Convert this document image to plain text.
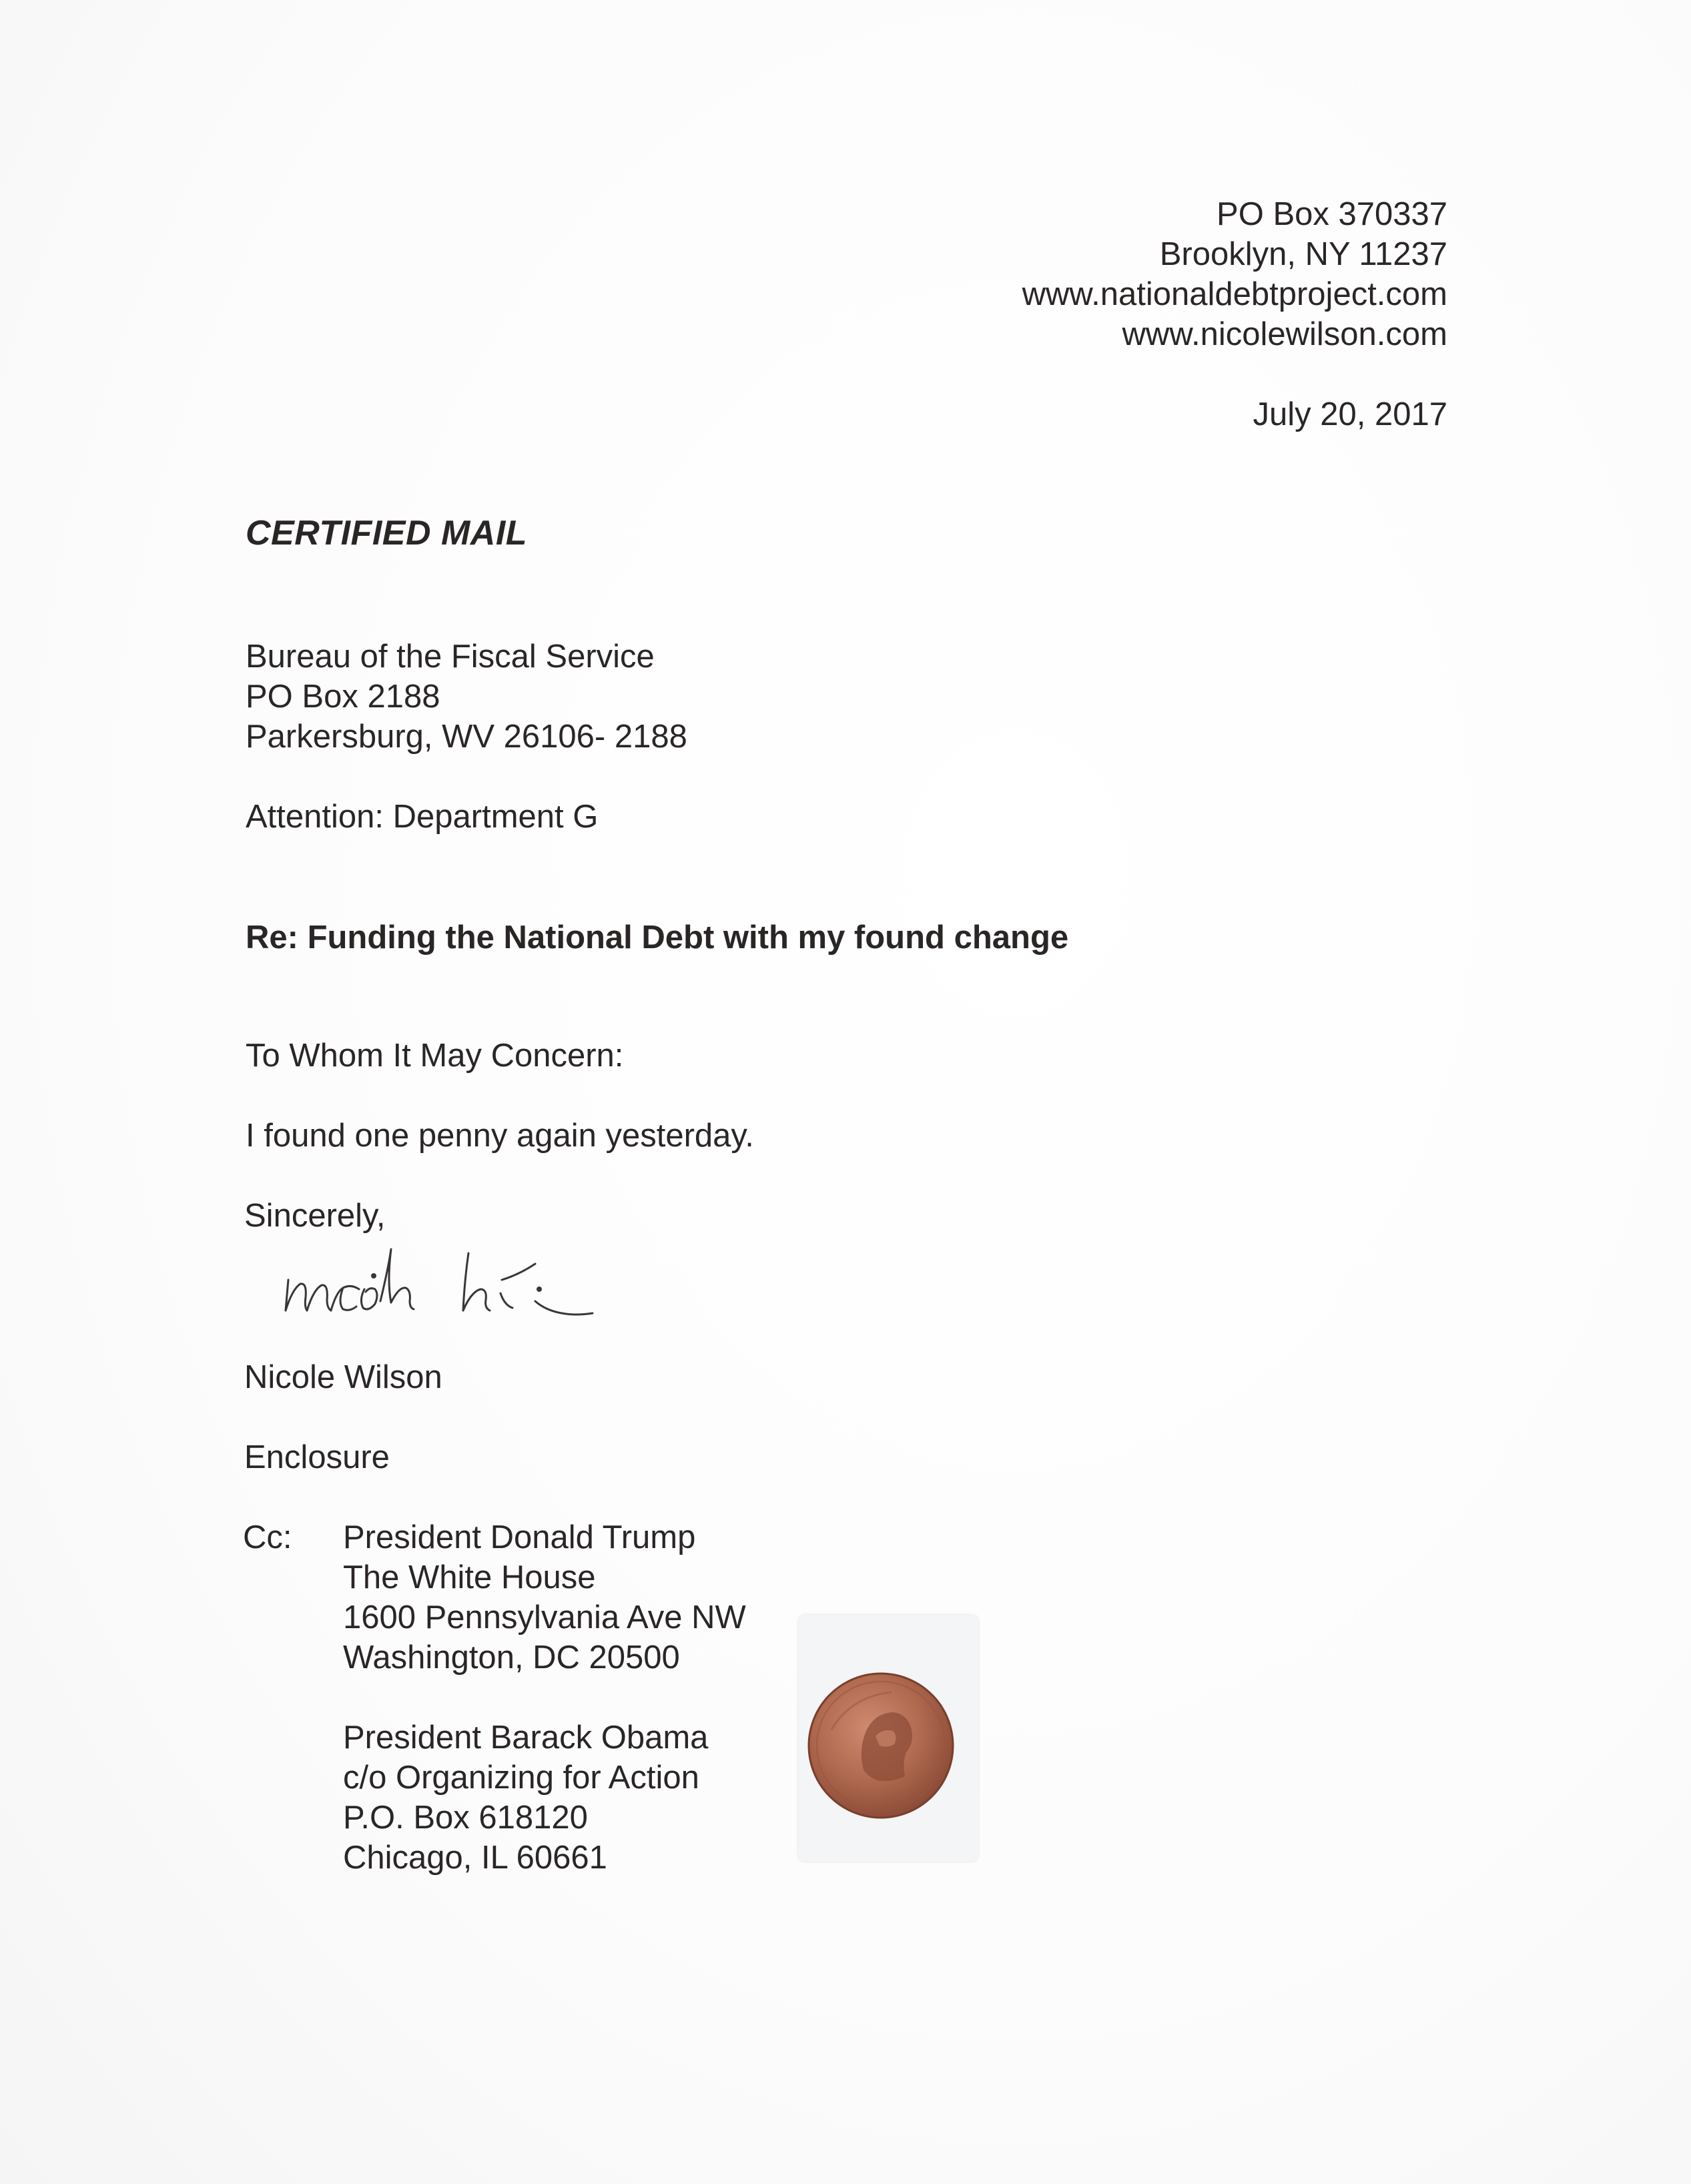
PO Box 370337
Brooklyn, NY 11237
www.nationaldebtproject.com
www.nicolewilson.com
July 20, 2017
CERTIFIED MAIL
Bureau of the Fiscal Service
PO Box 2188
Parkersburg, WV 26106- 2188
Attention: Department G
Re: Funding the National Debt with my found change
To Whom It May Concern:
I found one penny again yesterday.
Sincerely,
Nicole Wilson
Enclosure
Cc: President Donald Trump
The White House
1600 Pennsylvania Ave NW
Washington, DC 20500
President Barack Obama
c/o Organizing for Action
P.O. Box 618120
Chicago, IL 60661
